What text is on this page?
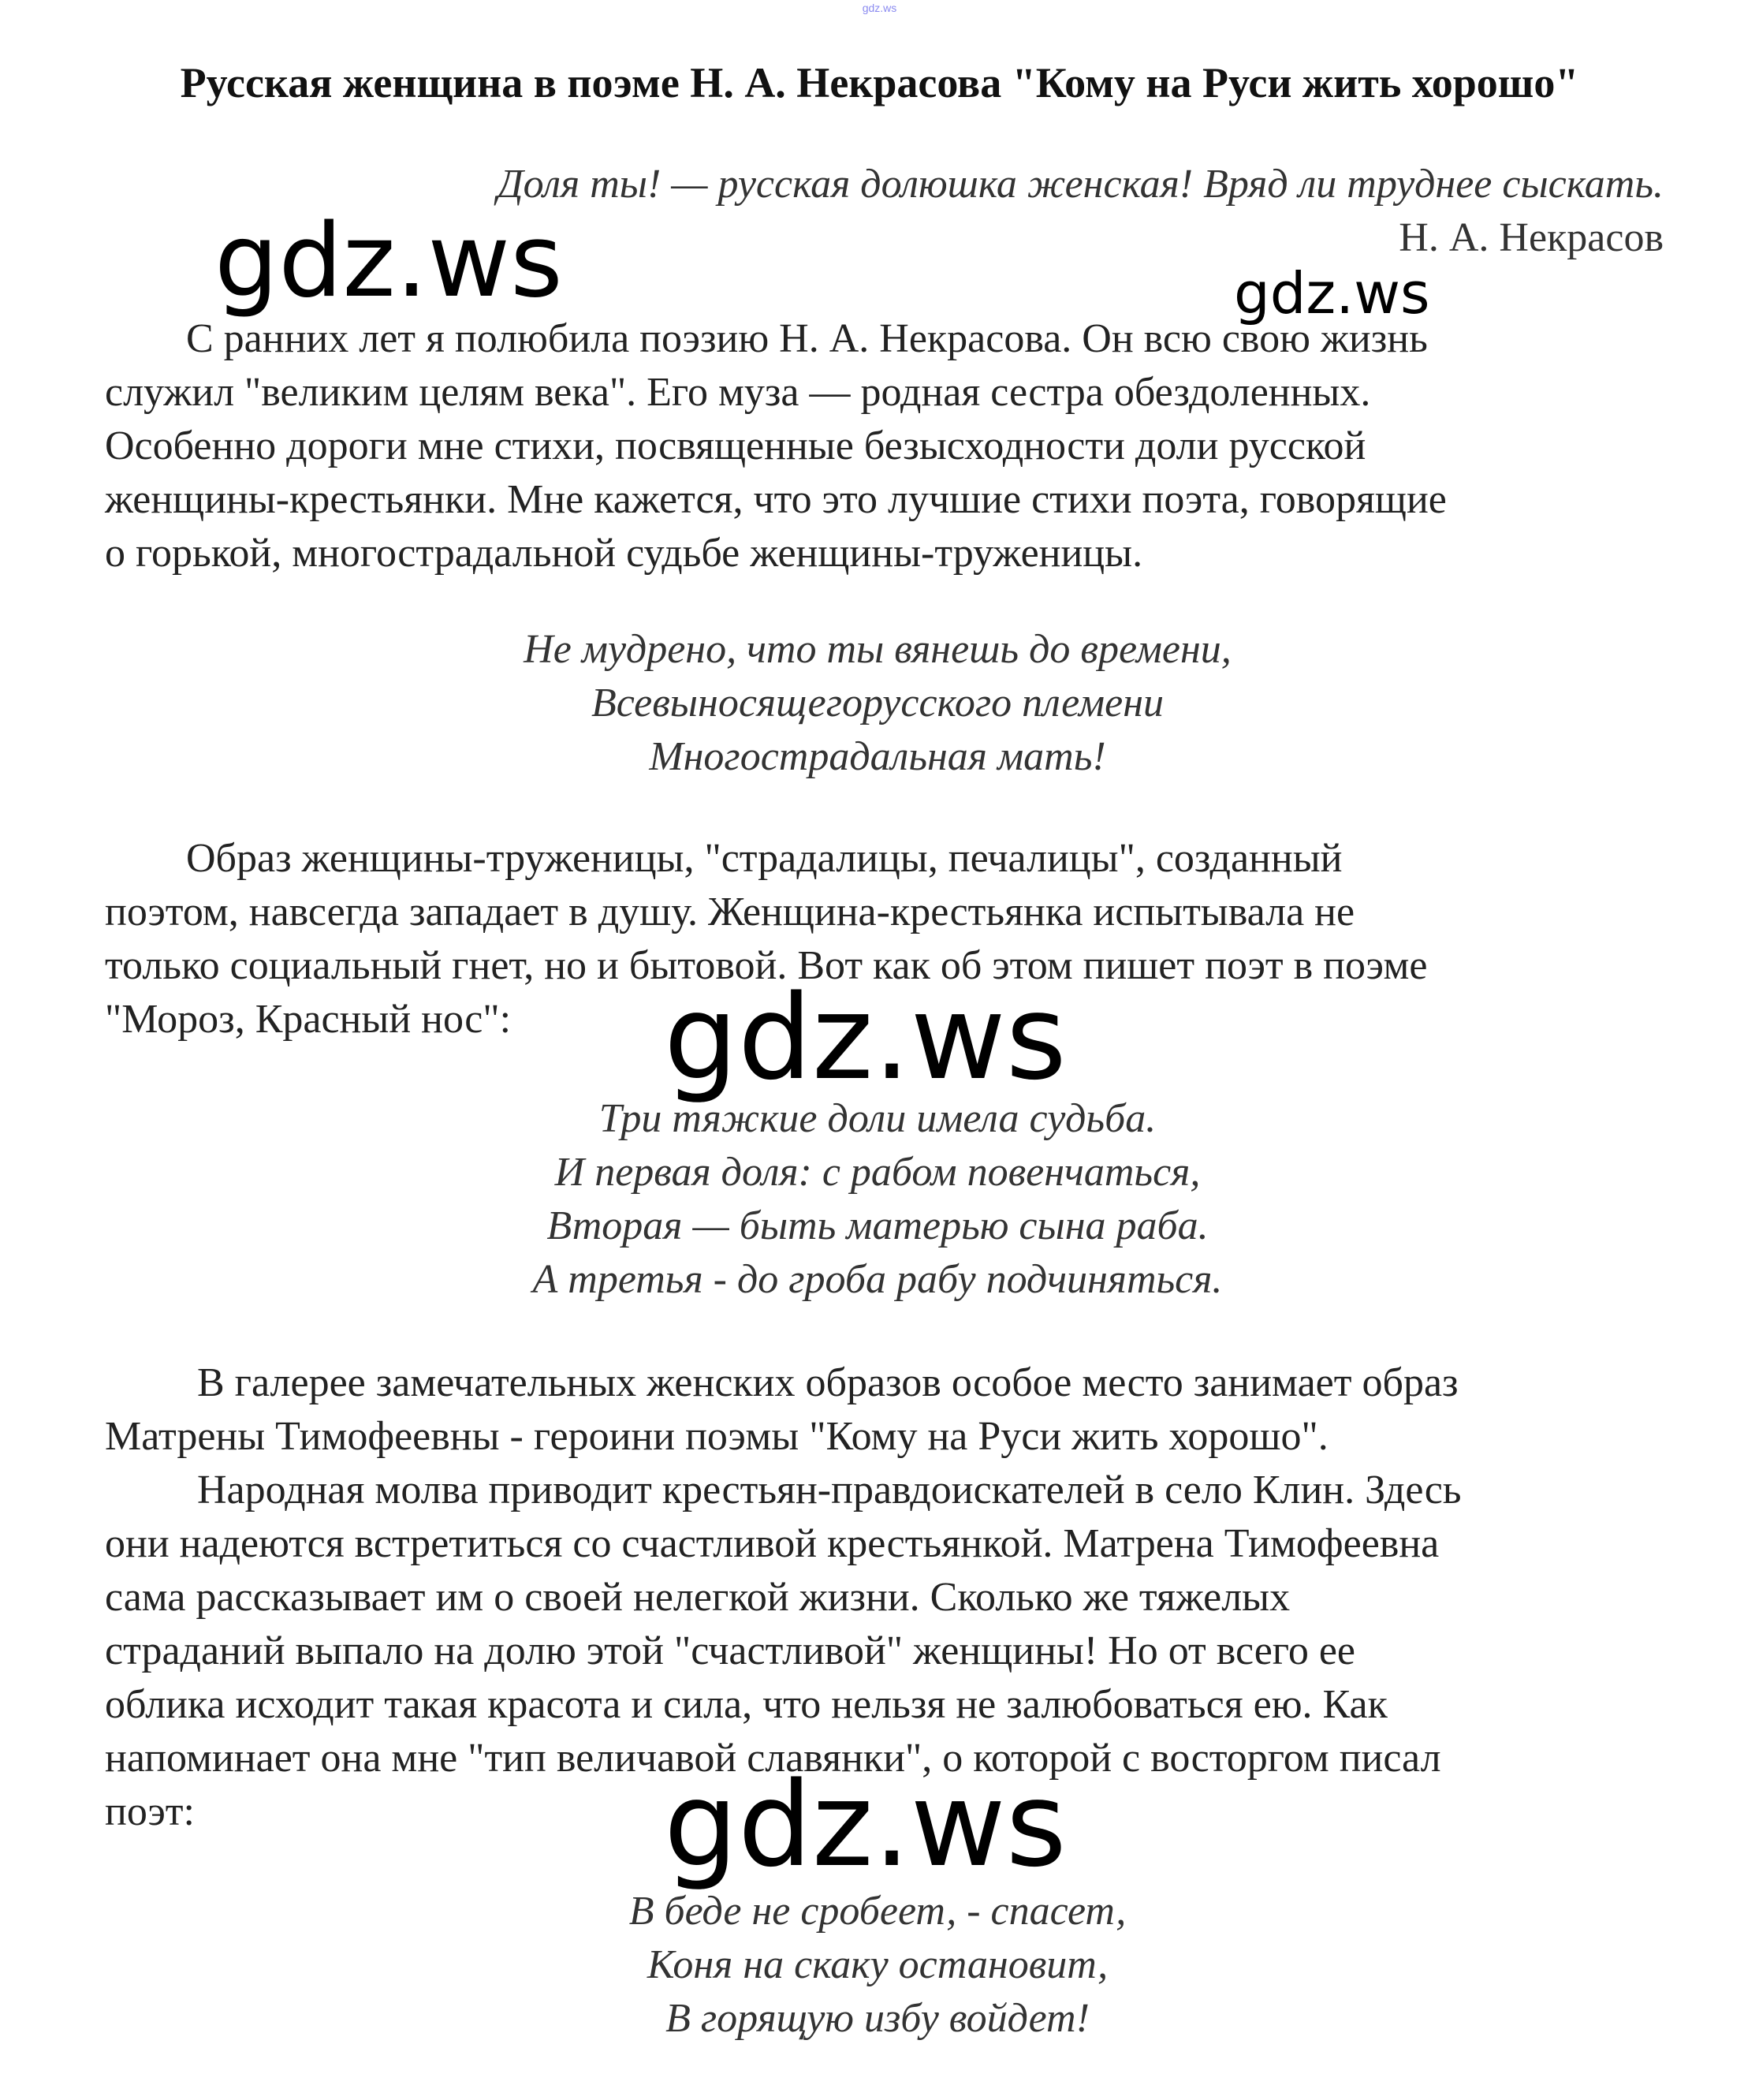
gdz.ws
Русская женщина в поэме Н. А. Некрасова "Кому на Руси жить хорошо"
Доля ты! — русская долюшка женская! Вряд ли труднее сыскать.
Н. А. Некрасов
С ранних лет я полюбила поэзию Н. А. Некрасова. Он всю свою жизнь
служил "великим целям века". Его муза — родная сестра обездоленных.
Особенно дороги мне стихи, посвященные безысходности доли русской
женщины-крестьянки. Мне кажется, что это лучшие стихи поэта, говорящие
о горькой, многострадальной судьбе женщины-труженицы.
Не мудрено, что ты вянешь до времени,
Всевыносящегорусского племени
Многострадальная мать!
Образ женщины-труженицы, "страдалицы, печалицы", созданный
поэтом, навсегда западает в душу. Женщина-крестьянка испытывала не
только социальный гнет, но и бытовой. Вот как об этом пишет поэт в поэме
"Мороз, Красный нос":
Три тяжкие доли имела судьба.
И первая доля: с рабом повенчаться,
Вторая — быть матерью сына раба.
А третья - до гроба рабу подчиняться.
В галерее замечательных женских образов особое место занимает образ
Матрены Тимофеевны - героини поэмы "Кому на Руси жить хорошо".
Народная молва приводит крестьян-правдоискателей в село Клин. Здесь
они надеются встретиться со счастливой крестьянкой. Матрена Тимофеевна
сама рассказывает им о своей нелегкой жизни. Сколько же тяжелых
страданий выпало на долю этой "счастливой" женщины! Но от всего ее
облика исходит такая красота и сила, что нельзя не залюбоваться ею. Как
напоминает она мне "тип величавой славянки", о которой с восторгом писал
поэт:
В беде не сробеет, - спасет,
Коня на скаку остановит,
В горящую избу войдет!
gdz.ws	gdz.ws
gdz.ws
gdz.ws
